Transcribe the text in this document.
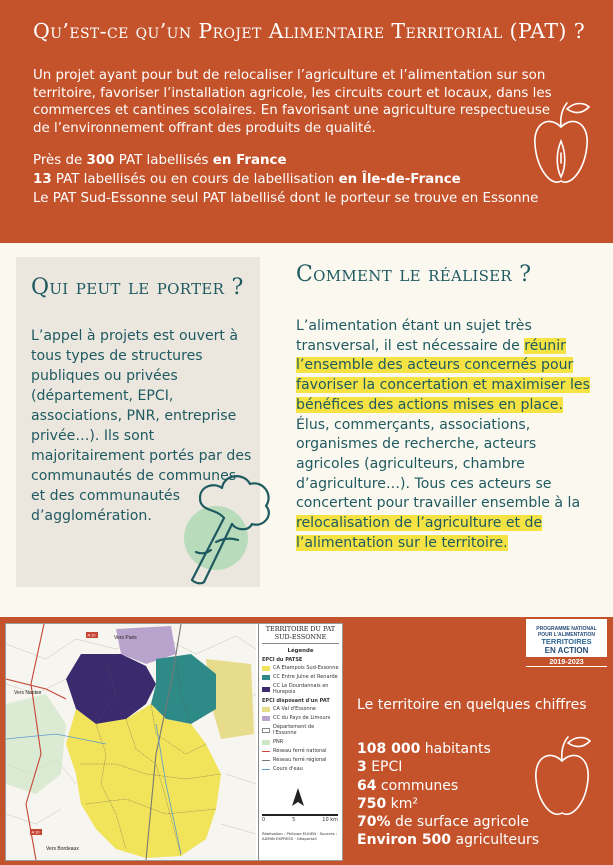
Qu’est-ce qu’un Projet Alimentaire Territorial (PAT) ?

Un projet ayant pour but de relocaliser l’agriculture et l’alimentation sur son territoire, favoriser l’installation agricole, les circuits court et locaux, dans les commerces et cantines scolaires. En favorisant une agriculture respectueuse de l’environnement offrant des produits de qualité.

Près de 300 PAT labellisés en France
13 PAT labellisés ou en cours de labellisation en Île-de-France
Le PAT Sud-Essonne seul PAT labellisé dont le porteur se trouve en Essonne

Qui peut le porter ?

L’appel à projets est ouvert à tous types de structures publiques ou privées (département, EPCI, associations, PNR, entreprise privée…). Ils sont majoritairement portés par des communautés de communes et des communautés d’agglomération.

Comment le réaliser ?

L’alimentation étant un sujet très transversal, il est nécessaire de réunir l’ensemble des acteurs concernés pour favoriser la concertation et maximiser les bénéfices des actions mises en place. Élus, commerçants, associations, organismes de recherche, acteurs agricoles (agriculteurs, chambre d’agriculture…). Tous ces acteurs se concertent pour travailler ensemble à la relocalisation de l’agriculture et de l’alimentation sur le territoire.

Vers Paris
Vers Nantes
Vers Bordeaux
A 10
A 10
TERRITOIRE DU PAT SUD-ESSONNE
Légende
EPCI du PATSE
CA Etampois Sud-Essonne
CC Entre Juine et Renarde
CC Le Dourdannais en Hurepoix
EPCI disposant d'un PAT
CA Val d'Essonne
CC du Pays de Limours
Département de l'Essonne
PNR
Réseau ferré national
Réseau ferré régional
Cours d'eau
0	5	10 km
Réalisation : Philippe ELKIEN · Sources : ADMIN EXPRESS · Géoportail
PROGRAMME NATIONAL
POUR L'ALIMENTATION
TERRITOIRES
EN ACTION
2019-2023
Le territoire en quelques chiffres
108 000 habitants
3 EPCI
64 communes
750 km²
70% de surface agricole
Environ 500 agriculteurs
